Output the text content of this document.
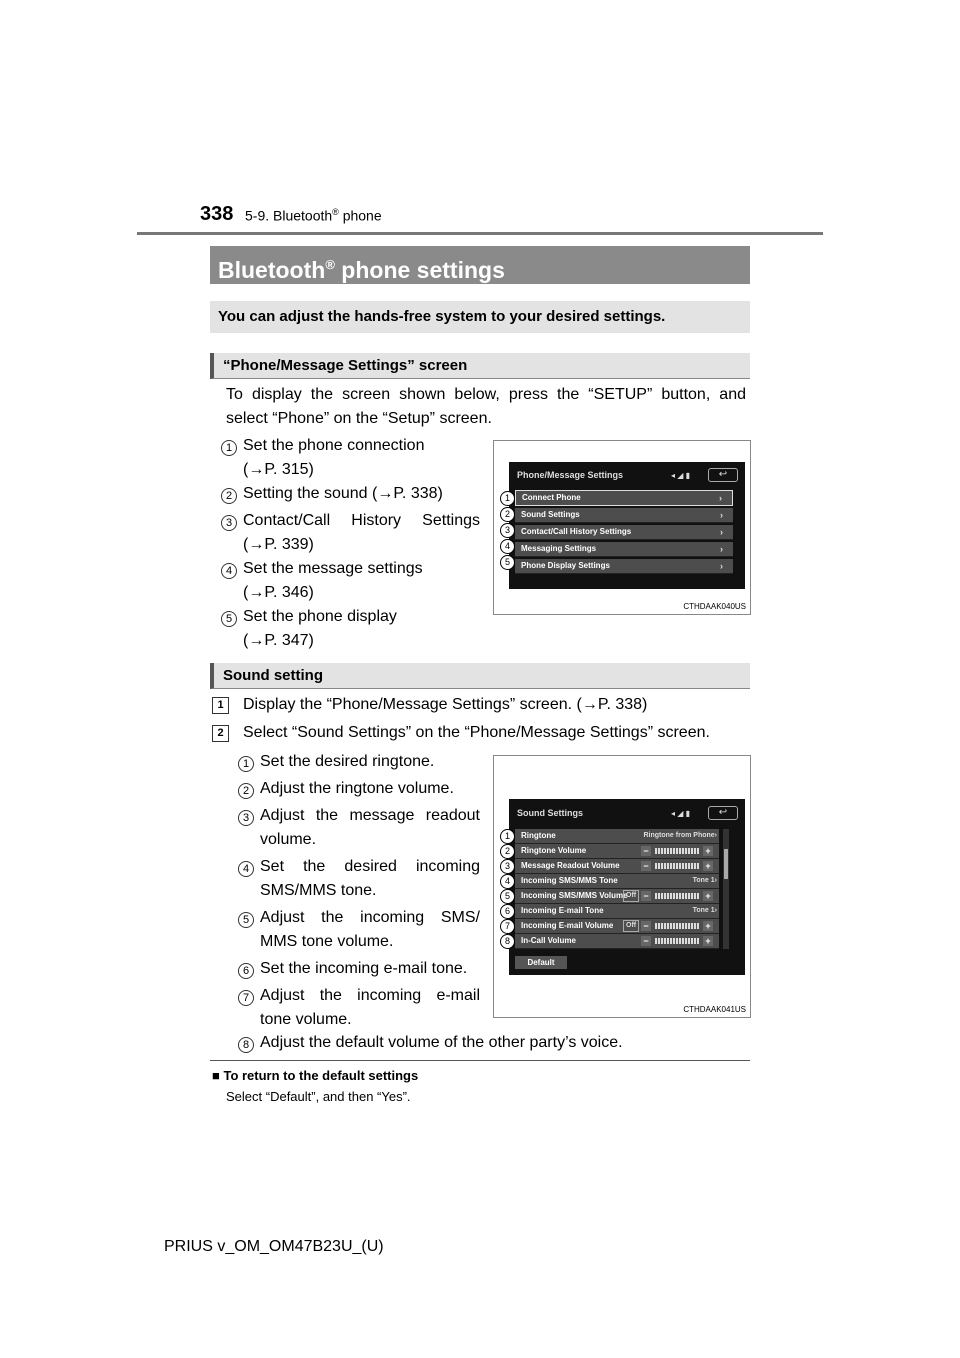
338 5-9. Bluetooth® phone
Bluetooth® phone settings
You can adjust the hands-free system to your desired settings.
“Phone/Message Settings” screen
To display the screen shown below, press the “SETUP” button, and select “Phone” on the “Setup” screen.
1 Set the phone connection
(→P. 315)
2 Setting the sound (→P. 338)
3 Contact/Call History Settings
(→P. 339)
4 Set the message settings
(→P. 346)
5 Set the phone display
(→P. 347)
Phone/Message Settings	◂ ◢ ▮	↩
Connect Phone	›
Sound Settings	›
Contact/Call History Settings	›
Messaging Settings	›
Phone Display Settings	›
1
2
3
4
5
CTHDAAK040US
Sound setting
1	Display the “Phone/Message Settings” screen. (→P. 338)
2	Select “Sound Settings” on the “Phone/Message Settings” screen.
1 Set the desired ringtone.
2 Adjust the ringtone volume.
3 Adjust the message readout
volume.
4 Set the desired incoming
SMS/MMS tone.
5 Adjust the incoming SMS/
MMS tone volume.
6 Set the incoming e-mail tone.
7 Adjust the incoming e-mail
tone volume.
8 Adjust the default volume of the other party’s voice.
Sound Settings	◂ ◢ ▮	↩
Ringtone	Ringtone from Phone›
Ringtone Volume	−	+
Message Readout Volume	−	+
Incoming SMS/MMS Tone	Tone 1›
Incoming SMS/MMS Volume
Off −	+
Incoming E-mail Tone	Tone 1›
Incoming E-mail Volume	Off −	+
In-Call Volume	−	+
Default
1
2
3
4
5
6
7
8
CTHDAAK041US
■ To return to the default settings
Select “Default”, and then “Yes”.
PRIUS v_OM_OM47B23U_(U)
